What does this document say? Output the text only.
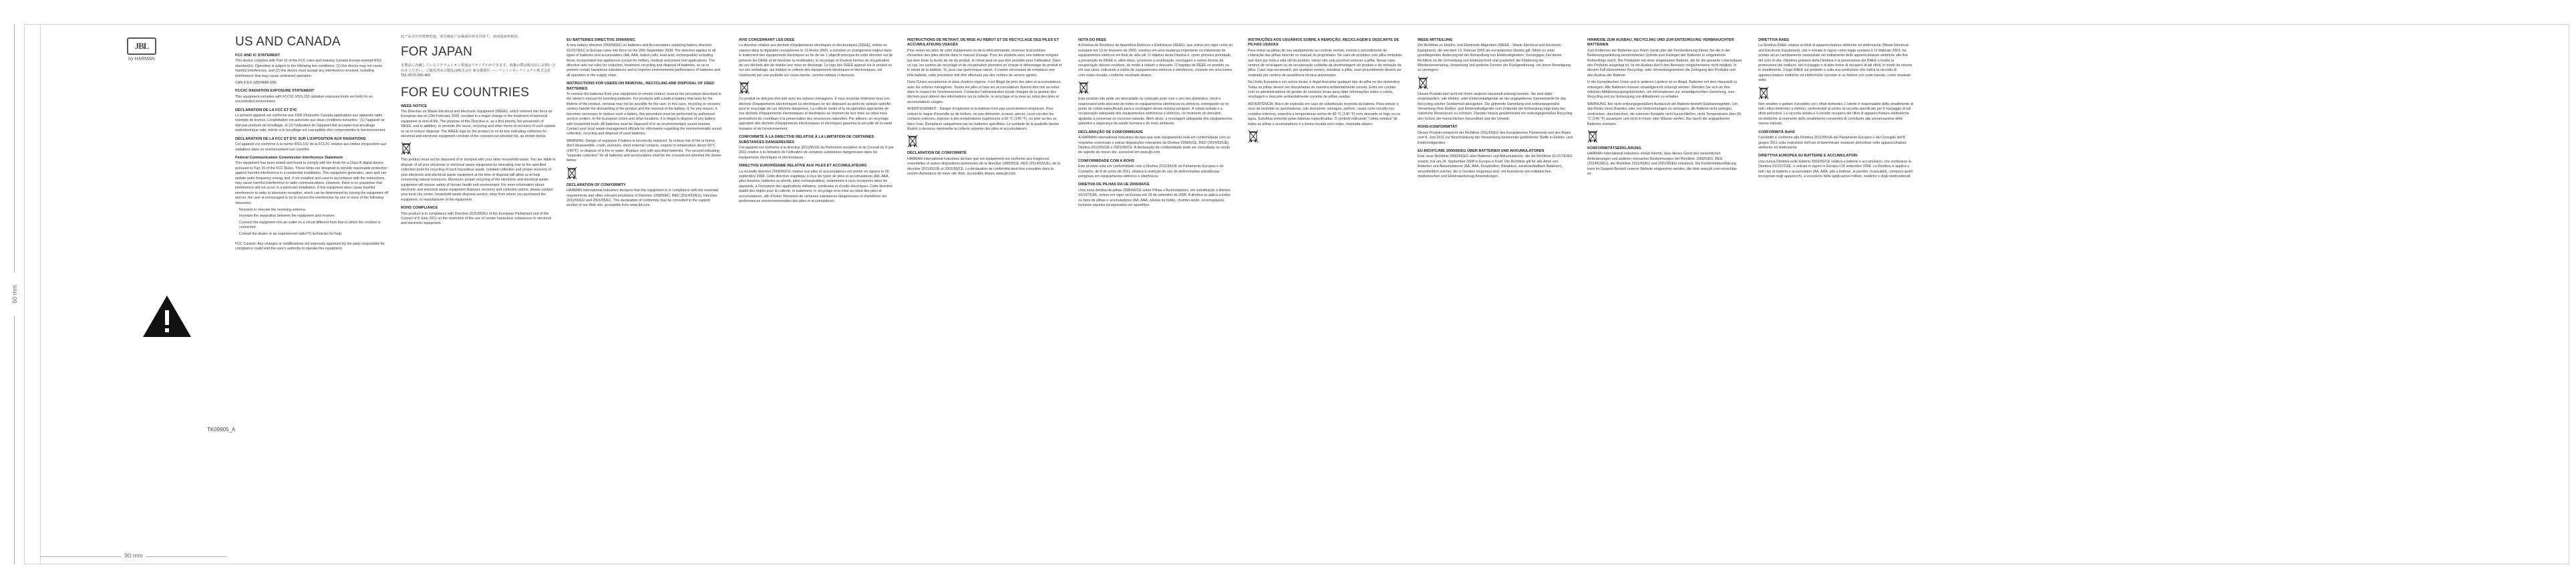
60 mm
90 mm
JBL
by HARMAN
TK09905_A
US AND CANADA
FCC AND IC STATEMENT

This device complies with Part 15 of the FCC rules and Industry Canada license-exempt RSS standard(s). Operation is subject to the following two conditions: (1) this device may not cause harmful interference, and (2) this device must accept any interference received, including interference that may cause undesired operation.

CAN ICES-3(B)/NMB-3(B)

FCC/IC RADIATION EXPOSURE STATEMENT

This equipment complies with FCC/IC RSS-102 radiation exposure limits set forth for an uncontrolled environment.

DÉCLARATION DE LA FCC ET D'IC

Le présent appareil est conforme aux CNR d'Industrie Canada applicables aux appareils radio exempts de licence. L'exploitation est autorisée aux deux conditions suivantes : (1) l'appareil ne doit pas produire de brouillage, et (2) l'utilisateur de l'appareil doit accepter tout brouillage radioélectrique subi, même si le brouillage est susceptible d'en compromettre le fonctionnement.

DÉCLARATION DE LA FCC ET D'IC SUR L'EXPOSITION AUX RADIATIONS

Cet appareil est conforme à la norme RSS-102 de la FCC/IC relative aux limites d'exposition aux radiations dans un environnement non contrôlé.

Federal Communication Commission Interference Statement

This equipment has been tested and found to comply with the limits for a Class B digital device, pursuant to Part 15 of the FCC Rules. These limits are designed to provide reasonable protection against harmful interference in a residential installation. This equipment generates, uses and can radiate radio frequency energy and, if not installed and used in accordance with the instructions, may cause harmful interference to radio communications. However, there is no guarantee that interference will not occur in a particular installation. If this equipment does cause harmful interference to radio or television reception, which can be determined by turning the equipment off and on, the user is encouraged to try to correct the interference by one or more of the following measures:

Reorient or relocate the receiving antenna.
Increase the separation between the equipment and receiver.
Connect the equipment into an outlet on a circuit different from that to which the receiver is connected.
Consult the dealer or an experienced radio/TV technician for help.

FCC Caution: Any changes or modifications not expressly approved by the party responsible for compliance could void the user's authority to operate this equipment.

此产品含有内置锂电池。请勿将此产品暴露在阳光直射下。从而造成热损害。

FOR JAPAN

本製品に内蔵しているリチウムイオン電池はリサイクルができます。廃棄の際は販売店にお問い合わせください。ご使用済みの製品は株式会社 東京都港区 ハーマンインターナショナル株式会社 TEL:0570-550-465

FOR EU COUNTRIES
WEEE NOTICE

The Directive on Waste Electrical and Electronic Equipment (WEEE), which entered into force as European law on 13th February 2003, resulted in a major change in the treatment of electrical equipment at end-of-life. The purpose of this Directive is, as a first priority, the prevention of WEEE, and in addition, to promote the reuse, recycling and other forms of recovery of such wastes so as to reduce disposal. The WEEE logo on the product or on its box indicating collection for electrical and electronic equipment consists of the crossed-out wheeled bin, as shown below.

This product must not be disposed of or dumped with your other household waste. You are liable to dispose of all your electronic or electrical waste equipment by relocating over to the specified collection point for recycling of such hazardous waste. Isolated collection and proper recovery of your electronic and electrical waste equipment at the time of disposal will allow us to help conserving natural resources. Moreover, proper recycling of the electronic and electrical waste equipment will ensure safety of human health and environment. For more information about electronic and electrical waste equipment disposal, recovery and collection points, please contact your local city center, household waste disposal service, shop from where you purchased the equipment, or manufacturer of the equipment.

ROHS COMPLIANCE

This product is in compliance with Directive 2011/65/EU of the European Parliament and of the Council of 8 June 2011 on the restriction of the use of certain hazardous substances in electrical and electronic equipment.

EU BATTERIES DIRECTIVE 2006/66/EC

A new battery directive 2006/66/EC on batteries and Accumulators replacing battery directive 91/157/EEC in Europe came into force on the 26th September 2008. The directive applies to all types of batteries and accumulators (AA, AAA, button cells, lead acid, rechargeable) including those incorporated into appliances except for military, medical and power tool applications. The directive sets out rules for collection, treatment, recycling and disposal of batteries, so as to prevent certain hazardous substances and to improve environmental performance of batteries and all operators in the supply chain.

INSTRUCTIONS FOR USERS ON REMOVAL, RECYCLING AND DISPOSAL OF USED BATTERIES

To remove the batteries from your equipment or remote control, reverse the procedure described in the owner's manual for inserting batteries. For products with a built-in battery that lasts for the lifetime of the product, removal may not be possible for the user. In this case, recycling or recovery centers handle the dismantling of the product and the removal of the battery. If, for any reason, it becomes necessary to replace such a battery, this procedure must be performed by authorized service centers. In the European Union and other locations, it is illegal to dispose of any battery with household trash. All batteries must be disposed of in an environmentally sound manner. Contact your local waste-management officials for information regarding the environmentally sound collection, recycling and disposal of used batteries.

WARNING: Danger of explosion if battery is incorrectly replaced. To reduce risk of fire or burns, don't disassemble, crush, puncture, short external contacts, expose to temperature above 60°C (140°F), or dispose of in fire or water. Replace only with specified batteries. The second indicating "separate collection" for all batteries and accumulators shall be the crossed-out wheeled bin shown below:

DECLARATION OF CONFORMITY

HARMAN International Industries declares that this equipment is in compliance with the essential requirements and other relevant provisions of Directive 1999/5/EC, RED (2014/53/EU), Directive 2011/65/EU and 2001/95/EC. The declaration of conformity may be consulted in the support section of our Web site, accessible from www.jbl.com.

AVIS CONCERNANT LES DEEE

La directive relative aux déchets d'équipements électriques et électroniques (DEEE), entrée en vigueur dans la législation européenne le 13 février 2003, a entraîné un changement majeur dans le traitement des équipements électriques en fin de vie. L'objectif principal de cette directive est de prévenir les DEEE et de favoriser la réutilisation, le recyclage et d'autres formes de récupération de ces déchets afin de réduire leur mise en décharge. Le logo des DEEE apposé sur le produit ou sur son emballage, qui indique la collecte des équipements électriques et électroniques, est représenté par une poubelle sur roues barrée, comme indiqué ci-dessous.

Ce produit ne doit pas être jeté avec les ordures ménagères. Il vous incombe d'éliminer tous vos déchets d'équipements électroniques ou électriques en les déposant au point de collecte spécifié pour le recyclage de ces déchets dangereux. La collecte isolée et la récupération appropriée de vos déchets d'équipements électroniques et électriques au moment de leur mise au rebut nous permettront de contribuer à la préservation des ressources naturelles. Par ailleurs, un recyclage approprié des déchets d'équipements électroniques et électriques garantira la sécurité de la santé humaine et de l'environnement.

CONFORMITÉ À LA DIRECTIVE RELATIVE À LA LIMITATION DE CERTAINES SUBSTANCES DANGEREUSES

Cet appareil est conforme à la directive 2011/65/UE du Parlement européen et du Conseil du 8 juin 2011 relative à la limitation de l'utilisation de certaines substances dangereuses dans les équipements électriques et électroniques.

DIRECTIVE EUROPÉENNE RELATIVE AUX PILES ET ACCUMULATEURS

La nouvelle directive 2006/66/CE relative aux piles et accumulateurs est entrée en vigueur le 26 septembre 2008. Cette directive s'applique à tous les types de piles et accumulateurs (AA, AAA, piles boutons, batteries au plomb, piles rechargeables), notamment à ceux incorporés dans les appareils, à l'exception des applications militaires, médicales et d'outils électriques. Cette directive établit des règles pour la collecte, le traitement, le recyclage et la mise au rebut des piles et accumulateurs, afin d'éviter l'émission de certaines substances dangereuses et d'améliorer les performances environnementales des piles et accumulateurs.

INSTRUCTIONS DE RETRAIT, DE MISE AU REBUT ET DE RECYCLAGE DES PILES ET ACCUMULATEURS USAGÉS

Pour retirer les piles de votre équipement ou de la télécommande, inversez la procédure d'insertion des piles décrite dans le manuel d'usage. Pour les produits avec une batterie intégrée qui dure toute la durée de vie du produit, le retrait peut ne pas être possible pour l'utilisateur. Dans ce cas, les centres de recyclage et de récupération prennent en charge le démontage du produit et le retrait de la batterie. Si, pour une quelconque raison, il s'avère nécessaire de remplacer une telle batterie, cette procédure doit être effectuée par des centres de service agréés.

Dans l'Union européenne et dans d'autres régions, il est illégal de jeter des piles et accumulateurs avec les ordures ménagères. Toutes les piles et tous les accumulateurs doivent être mis au rebut dans le respect de l'environnement. Contactez l'administration locale chargée de la gestion des déchets pour obtenir des informations sur la collecte, le recyclage et la mise au rebut des piles et accumulateurs usagés.

AVERTISSEMENT : Danger d'explosion si la batterie n'est pas correctement remplacée. Pour réduire le risque d'incendie ou de brûlure, ne pas démonter, écraser, percer, court-circuiter les contacts externes, exposer à des températures supérieures à 60 °C (140 °F), ou jeter au feu ou dans l'eau. Remplacer uniquement par les batteries spécifiées. Le symbole de la poubelle barrée illustré ci-dessous représente la collecte séparée des piles et accumulateurs.

DÉCLARATION DE CONFORMITÉ

HARMAN International Industries déclare que cet équipement est conforme aux exigences essentielles et autres dispositions pertinentes de la directive 1999/5/CE, RED (2014/53/UE), de la directive 2011/65/UE et 2001/95/CE. La déclaration de conformité peut être consultée dans la section Assistance de notre site Web, accessible depuis www.jbl.com.

NOTA DO REEE

A Diretiva de Resíduos de Aparelhos Elétricos e Eletrônicos (REEE), que entrou em vigor como lei europeia em 13 de fevereiro de 2003, resultou em uma mudança importante no tratamento de equipamentos elétricos em final de vida útil. O objetivo desta Diretiva é, como primeira prioridade, a prevenção de REEE e, além disso, promover a reutilização, reciclagem e outras formas de recuperação desses resíduos, de modo a reduzir o descarte. O logotipo de REEE no produto ou em sua caixa, indicando a coleta de equipamentos elétricos e eletrônicos, consiste em uma lixeira com rodas riscada, conforme mostrado abaixo.

Este produto não pode ser descartado ou colocado junto com o seu lixo doméstico. Você é responsável pelo descarte de todos os equipamentos eletrônicos ou elétricos, entregando-os no ponto de coleta especificado para a reciclagem desse resíduo perigoso. A coleta isolada e a recuperação adequada dos equipamentos eletrônicos e elétricos, no momento do descarte, ajudarão a conservar os recursos naturais. Além disso, a reciclagem adequada dos equipamentos garantirá a segurança da saúde humana e do meio ambiente.

DECLARAÇÃO DE CONFORMIDADE

A HARMAN International Industries declara que este equipamento está em conformidade com os requisitos essenciais e outras disposições relevantes da Diretiva 1999/5/CE, RED (2014/53/UE), Diretiva 2011/65/UE e 2001/95/CE. A declaração de conformidade pode ser consultada na seção de suporte do nosso site, acessível em www.jbl.com.

CONFORMIDADE COM A ROHS

Este produto está em conformidade com a Diretiva 2011/65/UE do Parlamento Europeu e do Conselho, de 8 de junho de 2011, relativa à restrição do uso de determinadas substâncias perigosas em equipamentos elétricos e eletrônicos.

DIRETIVA DE PILHAS DA UE 2006/66/CE

Uma nova diretiva de pilhas 2006/66/CE sobre Pilhas e Acumuladores, em substituição à diretiva 91/157/CEE, entrou em vigor na Europa em 26 de setembro de 2008. A diretiva se aplica a todos os tipos de pilhas e acumuladores (AA, AAA, células de botão, chumbo-ácido, recarregáveis), inclusive aqueles incorporados em aparelhos.

INSTRUÇÕES AOS USUÁRIOS SOBRE A REMOÇÃO, RECICLAGEM E DESCARTE DE PILHAS USADAS

Para retirar as pilhas do seu equipamento ou controle remoto, inverta o procedimento de colocação das pilhas descrito no manual do proprietário. No caso de produtos com pilha embutida que dure por toda a vida útil do produto, talvez não seja possível remover a pilha. Nesse caso, centros de reciclagem ou de recuperação cuidarão da desmontagem do produto e da remoção da pilha. Caso seja necessário, por qualquer motivo, substituir a pilha, esse procedimento deverá ser realizado por centros de assistência técnica autorizados.

Na União Europeia e em outros locais, é ilegal descartar qualquer tipo de pilha no lixo doméstico. Todas as pilhas devem ser descartadas de maneira ambientalmente correta. Entre em contato com os administradores de gestão de resíduos locais para obter informações sobre a coleta, reciclagem e descarte ambientalmente corretos de pilhas usadas.

ADVERTÊNCIA: Risco de explosão em caso de substituição incorreta da bateria. Para reduzir o risco de incêndio ou queimaduras, não desmonte, esmague, perfure, cause curto-circuito nos contatos externos, exponha a temperaturas acima de 60 °C (140 °F) nem descarte no fogo ou na água. Substitua somente pelas baterias especificadas. O símbolo indicando "coleta seletiva" de todas as pilhas e acumuladores é a lixeira riscada com rodas, mostrada abaixo:

WEEE-MITTEILUNG

Die Richtlinie zu Elektro- und Elektronik-Altgeräten (WEEE - Waste Electrical and Electronic Equipment), die seit dem 13. Februar 2003 als europäisches Gesetz gilt, führte zu einer grundlegenden Änderung bei der Behandlung von Elektroaltgeräten. Vorrangiges Ziel dieser Richtlinie ist die Vermeidung von Elektroschrott und zusätzlich die Förderung der Wiederverwendung, Verwertung und anderen Formen der Rückgewinnung, um deren Beseitigung zu verringern.

Dieses Produkt darf nicht mit Ihrem anderen Hausmüll entsorgt werden. Sie sind dafür verantwortlich, alle Elektro- oder Elektronikaltgeräte an der angegebenen Sammelstelle für das Recycling solcher Sondermüll abzugeben. Die getrennte Sammlung und ordnungsgemäße Verwertung Ihrer Elektro- und Elektronikaltgeräte zum Zeitpunkt der Entsorgung trägt dazu bei, natürliche Ressourcen zu schonen. Darüber hinaus gewährleistet ein ordnungsgemäßes Recycling den Schutz der menschlichen Gesundheit und der Umwelt.

ROHS-KONFORMITÄT

Dieses Produkt entspricht der Richtlinie 2011/65/EU des Europäischen Parlaments und des Rates vom 8. Juni 2011 zur Beschränkung der Verwendung bestimmter gefährlicher Stoffe in Elektro- und Elektronikgeräten.

EU-RICHTLINIE 2006/66/EG ÜBER BATTERIEN UND AKKUMULATOREN

Eine neue Richtlinie 2006/66/EG über Batterien und Akkumulatoren, die die Richtlinie 91/157/EWG ersetzt, trat am 26. September 2008 in Europa in Kraft. Die Richtlinie gilt für alle Arten von Batterien und Akkumulatoren (AA, AAA, Knopfzellen, Bleiakkus, wiederaufladbare Batterien), einschließlich solcher, die in Geräten eingebaut sind, mit Ausnahme von militärischen, medizinischen und Elektrowerkzeug-Anwendungen.

HINWEISE ZUM AUSBAU, RECYCLING UND ZUR ENTSORGUNG VERBRAUCHTER BATTERIEN

Zum Entfernen der Batterien aus Ihrem Gerät oder der Fernbedienung führen Sie die in der Bedienungsanleitung beschriebenen Schritte zum Einlegen der Batterien in umgekehrter Reihenfolge durch. Bei Produkten mit einer eingebauten Batterie, die für die gesamte Lebensdauer des Produkts ausgelegt ist, ist ein Ausbau durch den Benutzer möglicherweise nicht möglich. In diesem Fall übernehmen Recycling- oder Verwertungszentren die Zerlegung des Produkts und den Ausbau der Batterie.

In der Europäischen Union und in anderen Ländern ist es illegal, Batterien mit dem Hausmüll zu entsorgen. Alle Batterien müssen umweltgerecht entsorgt werden. Wenden Sie sich an Ihre örtlichen Abfallentsorgungsbehörden, um Informationen zur umweltgerechten Sammlung, zum Recycling und zur Entsorgung von Altbatterien zu erhalten.

WARNUNG: Bei nicht ordnungsgemäßem Austausch der Batterie besteht Explosionsgefahr. Um das Risiko eines Brandes oder von Verbrennungen zu verringern, die Batterie nicht zerlegen, zerdrücken, durchstechen, die externen Kontakte nicht kurzschließen, nicht Temperaturen über 60 °C (140 °F) aussetzen und nicht in Feuer oder Wasser werfen. Nur durch die angegebenen Batterien ersetzen.

KONFORMITÄTSERKLÄRUNG

HARMAN International Industries erklärt hiermit, dass dieses Gerät den wesentlichen Anforderungen und anderen relevanten Bestimmungen der Richtlinie 1999/5/EG, RED (2014/53/EU), der Richtlinie 2011/65/EU und 2001/95/EG entspricht. Die Konformitätserklärung kann im Support-Bereich unserer Website eingesehen werden, die über www.jbl.com erreichbar ist.

DIRETTIVA RAEE

La Direttiva RAEE relativa ai rifiuti di apparecchiature elettriche ed elettroniche (Waste Electrical and Electronic Equipment), che è entrata in vigore come legge europea il 13 febbraio 2003, ha portato ad un cambiamento sostanziale nel trattamento delle apparecchiature elettriche alla fine del ciclo di vita. Obiettivo primario della Direttiva è la prevenzione dei RAEE e inoltre la promozione del riutilizzo, del riciclaggio e di altre forme di recupero di tali rifiuti, in modo da ridurne lo smaltimento. Il logo RAEE sul prodotto o sulla sua confezione che indica la raccolta di apparecchiature elettriche ed elettroniche consiste in un bidone con ruote barrato, come mostrato sotto.

Non smaltire o gettare il prodotto con i rifiuti domestici. L'utente è responsabile dello smaltimento di tutti i rifiuti elettronici o elettrici, conferendoli al centro di raccolta specificato per il riciclaggio di tali rifiuti pericolosi. La raccolta isolata e il corretto recupero dei rifiuti di apparecchiature elettroniche ed elettriche al momento dello smaltimento consentirà di contribuire alla conservazione delle risorse naturali.

CONFORMITÀ RoHS

Il prodotto è conforme alla Direttiva 2011/65/UE del Parlamento Europeo e del Consiglio dell'8 giugno 2011 sulla restrizione dell'uso di determinate sostanze pericolose nelle apparecchiature elettriche ed elettroniche.

DIRETTIVA EUROPEA SU BATTERIE E ACCUMULATORI

Una nuova Direttiva sulle batterie 2006/66/CE relativa a batterie e accumulatori, che sostituisce la Direttiva 91/157/CEE, è entrata in vigore in Europa il 26 settembre 2008. La Direttiva si applica a tutti i tipi di batterie e accumulatori (AA, AAA, pile a bottone, al piombo, ricaricabili), compresi quelli incorporati negli apparecchi, a eccezione delle applicazioni militari, mediche e degli elettroutensili.
